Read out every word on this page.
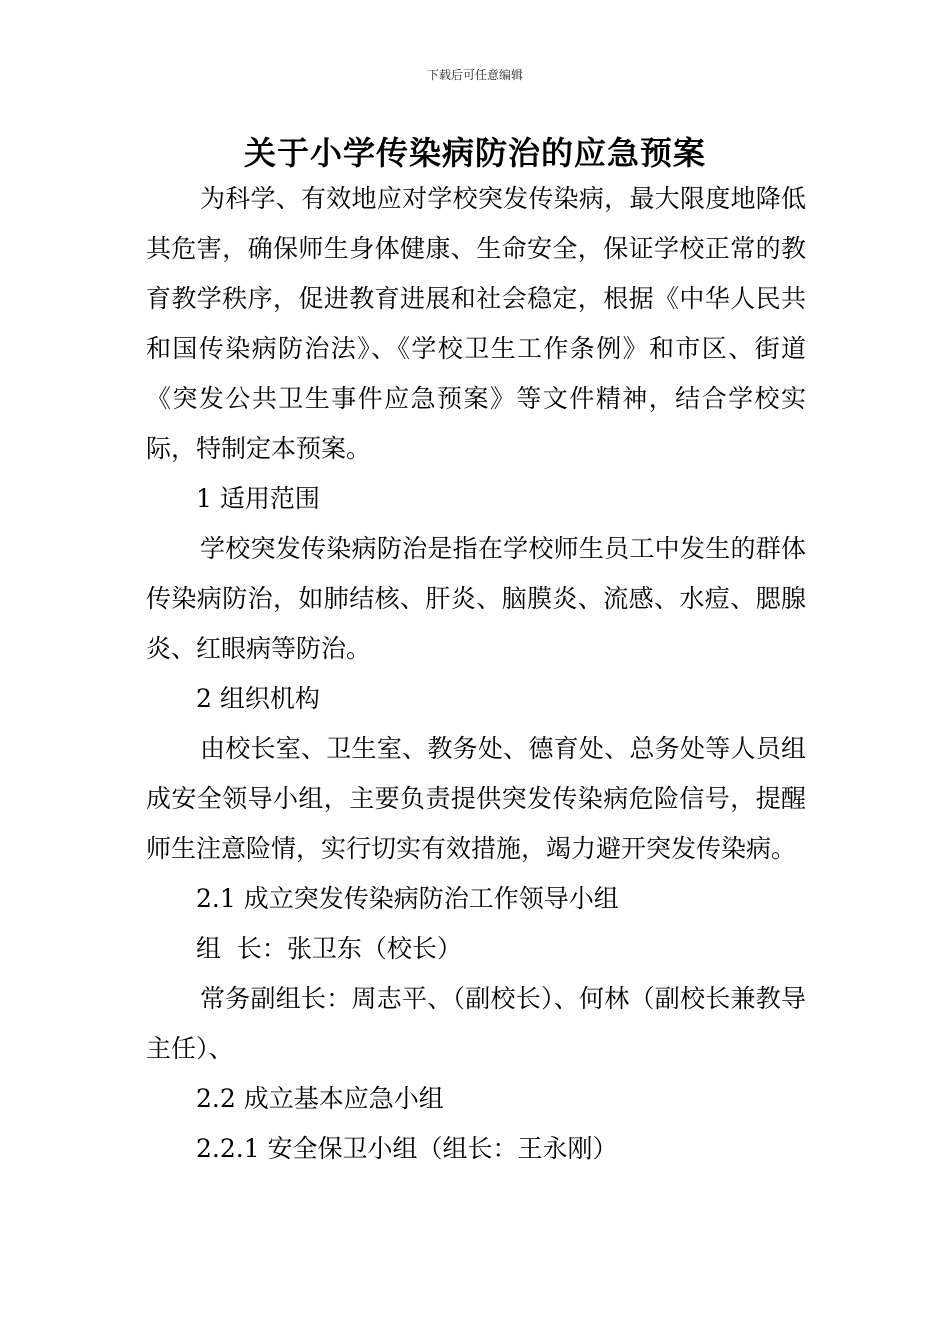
下载后可任意编辑
关于小学传染病防治的应急预案

为科学、有效地应对学校突发传染病，最大限度地降低其危害，确保师生身体健康、生命安全，保证学校正常的教育教学秩序，促进教育进展和社会稳定，根据《中华人民共和国传染病防治法》、《学校卫生工作条例》和市区、街道《突发公共卫生事件应急预案》等文件精神，结合学校实际，特制定本预案。

1 适用范围

学校突发传染病防治是指在学校师生员工中发生的群体传染病防治，如肺结核、肝炎、脑膜炎、流感、水痘、腮腺炎、红眼病等防治。

2 组织机构

由校长室、卫生室、教务处、德育处、总务处等人员组成安全领导小组，主要负责提供突发传染病危险信号，提醒师生注意险情，实行切实有效措施，竭力避开突发传染病。

2.1 成立突发传染病防治工作领导小组

组  长：张卫东（校长）

常务副组长：周志平、（副校长）、何林（副校长兼教导主任）、

2.2 成立基本应急小组

2.2.1 安全保卫小组（组长：王永刚）
